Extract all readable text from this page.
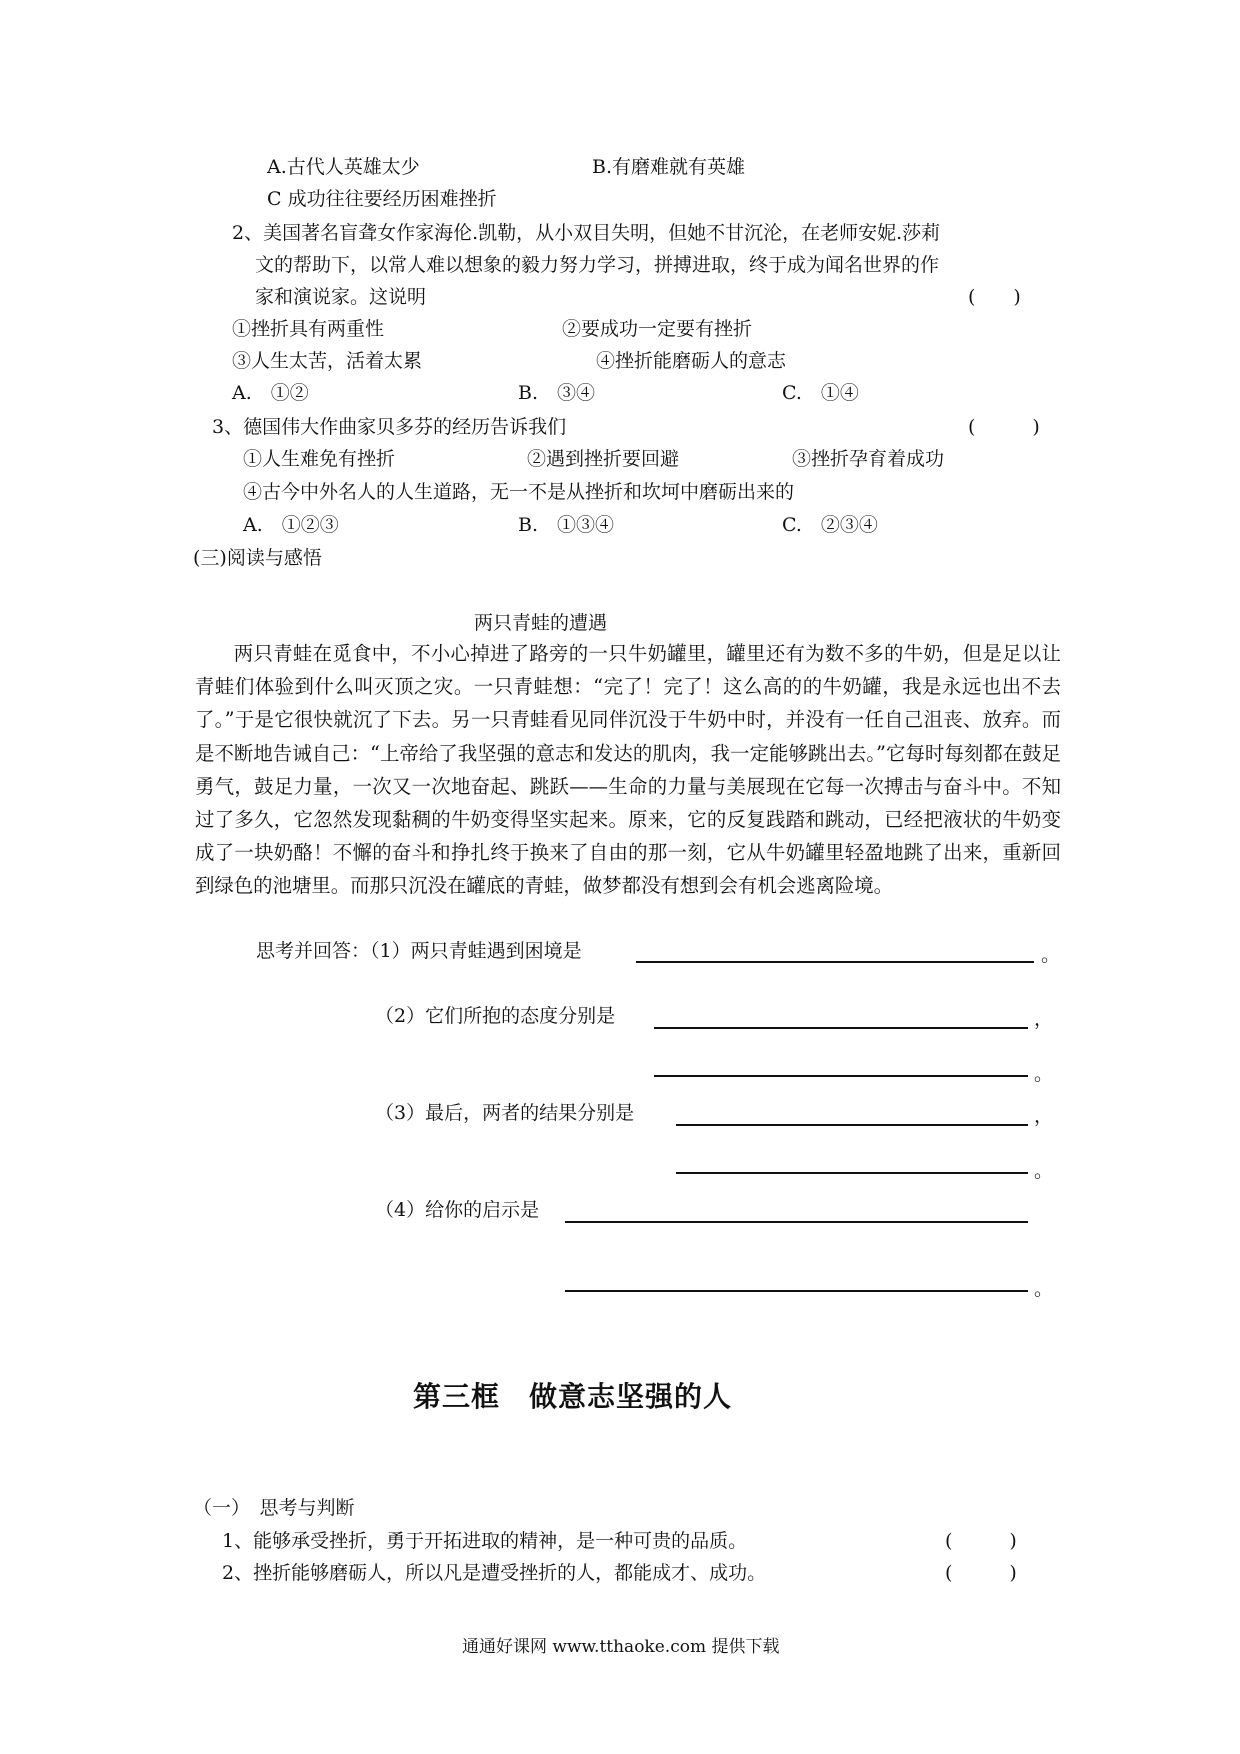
A.古代人英雄太少	B.有磨难就有英雄
C 成功往往要经历困难挫折
2、美国著名盲聋女作家海伦.凯勒，从小双目失明，但她不甘沉沦，在老师安妮.莎莉
文的帮助下，以常人难以想象的毅力努力学习，拼搏进取，终于成为闻名世界的作
家和演说家。这说明	(　　)
①挫折具有两重性	②要成功一定要有挫折
③人生太苦，活着太累	④挫折能磨砺人的意志
A.　①②	B.　③④	C.　①④
3、德国伟大作曲家贝多芬的经历告诉我们	(　　　)
①人生难免有挫折	②遇到挫折要回避	③挫折孕育着成功
④古今中外名人的人生道路，无一不是从挫折和坎坷中磨砺出来的
A.　①②③	B.　①③④	C.　②③④
(三)阅读与感悟
两只青蛙的遭遇

两只青蛙在觅食中，不小心掉进了路旁的一只牛奶罐里，罐里还有为数不多的牛奶，但是足以让青蛙们体验到什么叫灭顶之灾。一只青蛙想：“完了！完了！这么高的的牛奶罐，我是永远也出不去了。”于是它很快就沉了下去。另一只青蛙看见同伴沉没于牛奶中时，并没有一任自己沮丧、放弃。而是不断地告诫自己：“上帝给了我坚强的意志和发达的肌肉，我一定能够跳出去。”它每时每刻都在鼓足勇气，鼓足力量，一次又一次地奋起、跳跃——生命的力量与美展现在它每一次搏击与奋斗中。不知过了多久，它忽然发现黏稠的牛奶变得坚实起来。原来，它的反复践踏和跳动，已经把液状的牛奶变成了一块奶酪！不懈的奋斗和挣扎终于换来了自由的那一刻，它从牛奶罐里轻盈地跳了出来，重新回到绿色的池塘里。而那只沉没在罐底的青蛙，做梦都没有想到会有机会逃离险境。

思考并回答：（1）两只青蛙遇到困境是	。
（2）它们所抱的态度分别是	，
。
（3）最后，两者的结果分别是	，
。
（4）给你的启示是
。
第三框　做意志坚强的人
（一）　思考与判断
1、能够承受挫折，勇于开拓进取的精神，是一种可贵的品质。	(　　　)
2、挫折能够磨砺人，所以凡是遭受挫折的人，都能成才、成功。	(　　　)
通通好课网 www.tthaoke.com 提供下载
